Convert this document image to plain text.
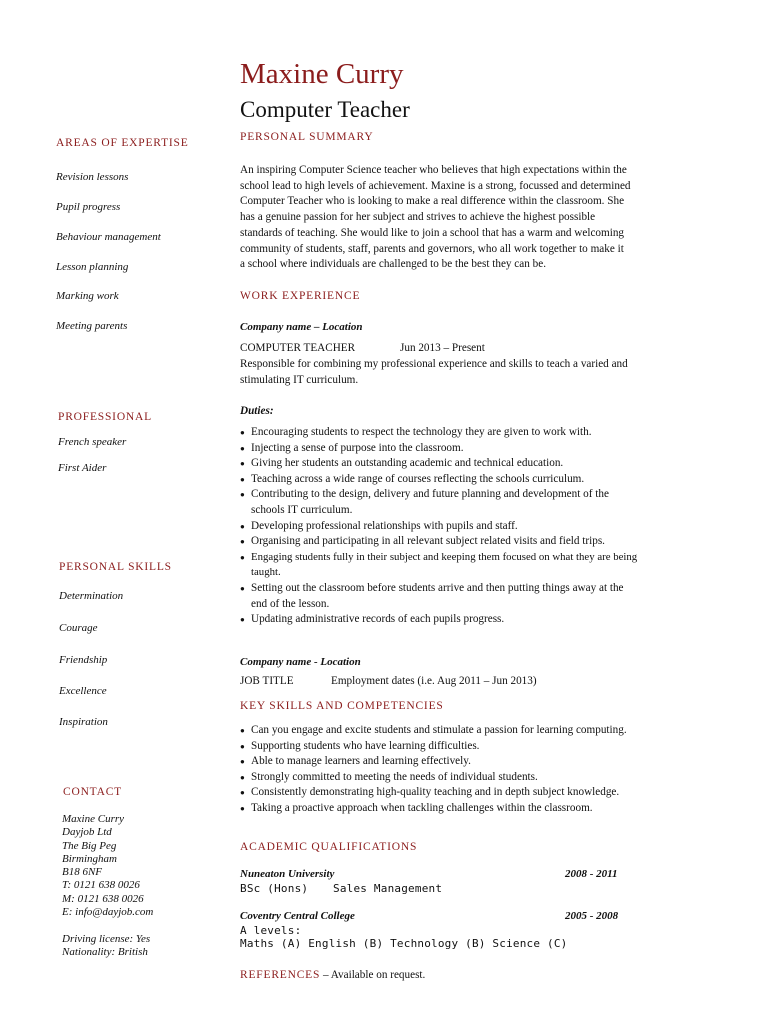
Maxine Curry
Computer Teacher
AREAS OF EXPERTISE
Revision lessons
Pupil progress
Behaviour management
Lesson planning
Marking work
Meeting parents
PROFESSIONAL
French speaker
First Aider
PERSONAL SKILLS
Determination
Courage
Friendship
Excellence
Inspiration
CONTACT
Maxine Curry
Dayjob Ltd
The Big Peg
Birmingham
B18 6NF
T: 0121 638 0026
M: 0121 638 0026
E: info@dayjob.com
Driving license: Yes
Nationality: British
PERSONAL SUMMARY
An inspiring Computer Science teacher who believes that high expectations within the
school lead to high levels of achievement. Maxine is a strong, focussed and determined
Computer Teacher who is looking to make a real difference within the classroom. She
has a genuine passion for her subject and strives to achieve the highest possible
standards of teaching. She would like to join a school that has a warm and welcoming
community of students, staff, parents and governors, who all work together to make it
a school where individuals are challenged to be the best they can be.
WORK EXPERIENCE
Company name – Location
COMPUTER TEACHER	Jun 2013 – Present
Responsible for combining my professional experience and skills to teach a varied and
stimulating IT curriculum.
Duties:
● Encouraging students to respect the technology they are given to work with.
● Injecting a sense of purpose into the classroom.
● Giving her students an outstanding academic and technical education.
● Teaching across a wide range of courses reflecting the schools curriculum.
● Contributing to the design, delivery and future planning and development of the
schools IT curriculum.
● Developing professional relationships with pupils and staff.
● Organising and participating in all relevant subject related visits and field trips.
● Engaging students fully in their subject and keeping them focused on what they are being
taught.
● Setting out the classroom before students arrive and then putting things away at the
end of the lesson.
● Updating administrative records of each pupils progress.
Company name - Location
JOB TITLE	Employment dates (i.e. Aug 2011 – Jun 2013)
KEY SKILLS AND COMPETENCIES
● Can you engage and excite students and stimulate a passion for learning computing.
● Supporting students who have learning difficulties.
● Able to manage learners and learning effectively.
● Strongly committed to meeting the needs of individual students.
● Consistently demonstrating high-quality teaching and in depth subject knowledge.
● Taking a proactive approach when tackling challenges within the classroom.
ACADEMIC QUALIFICATIONS
Nuneaton University	2008 - 2011
BSc (Hons) Sales Management
Coventry Central College	2005 - 2008
A levels:
Maths (A) English (B) Technology (B) Science (C)
REFERENCES – Available on request.
